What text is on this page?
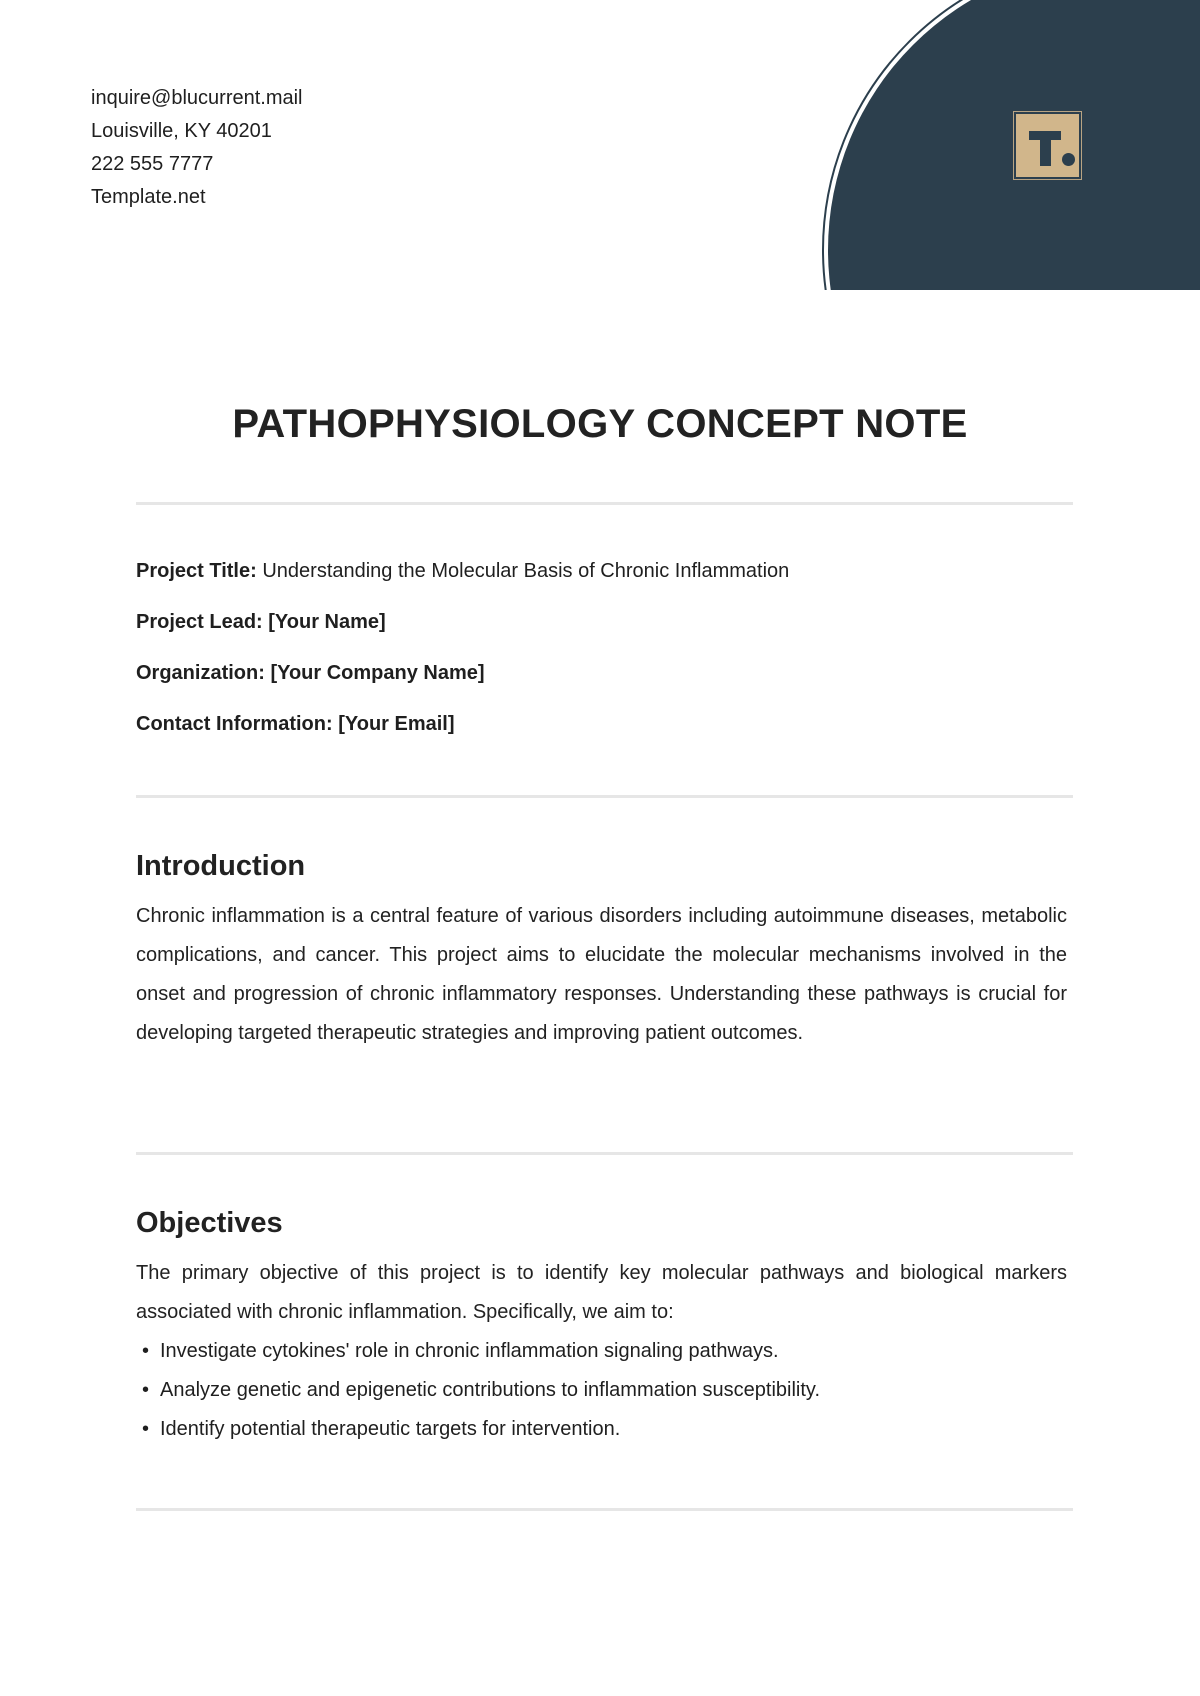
inquire@blucurrent.mail
Louisville, KY 40201
222 555 7777
Template.net
PATHOPHYSIOLOGY CONCEPT NOTE

Project Title: Understanding the Molecular Basis of Chronic Inflammation

Project Lead: [Your Name]

Organization: [Your Company Name]

Contact Information: [Your Email]

Introduction

Chronic inflammation is a central feature of various disorders including autoimmune diseases, metabolic complications, and cancer. This project aims to elucidate the molecular mechanisms involved in the onset and progression of chronic inflammatory responses. Understanding these pathways is crucial for developing targeted therapeutic strategies and improving patient outcomes.

Objectives

The primary objective of this project is to identify key molecular pathways and biological markers associated with chronic inflammation. Specifically, we aim to:

• Investigate cytokines' role in chronic inflammation signaling pathways.
• Analyze genetic and epigenetic contributions to inflammation susceptibility.
• Identify potential therapeutic targets for intervention.
